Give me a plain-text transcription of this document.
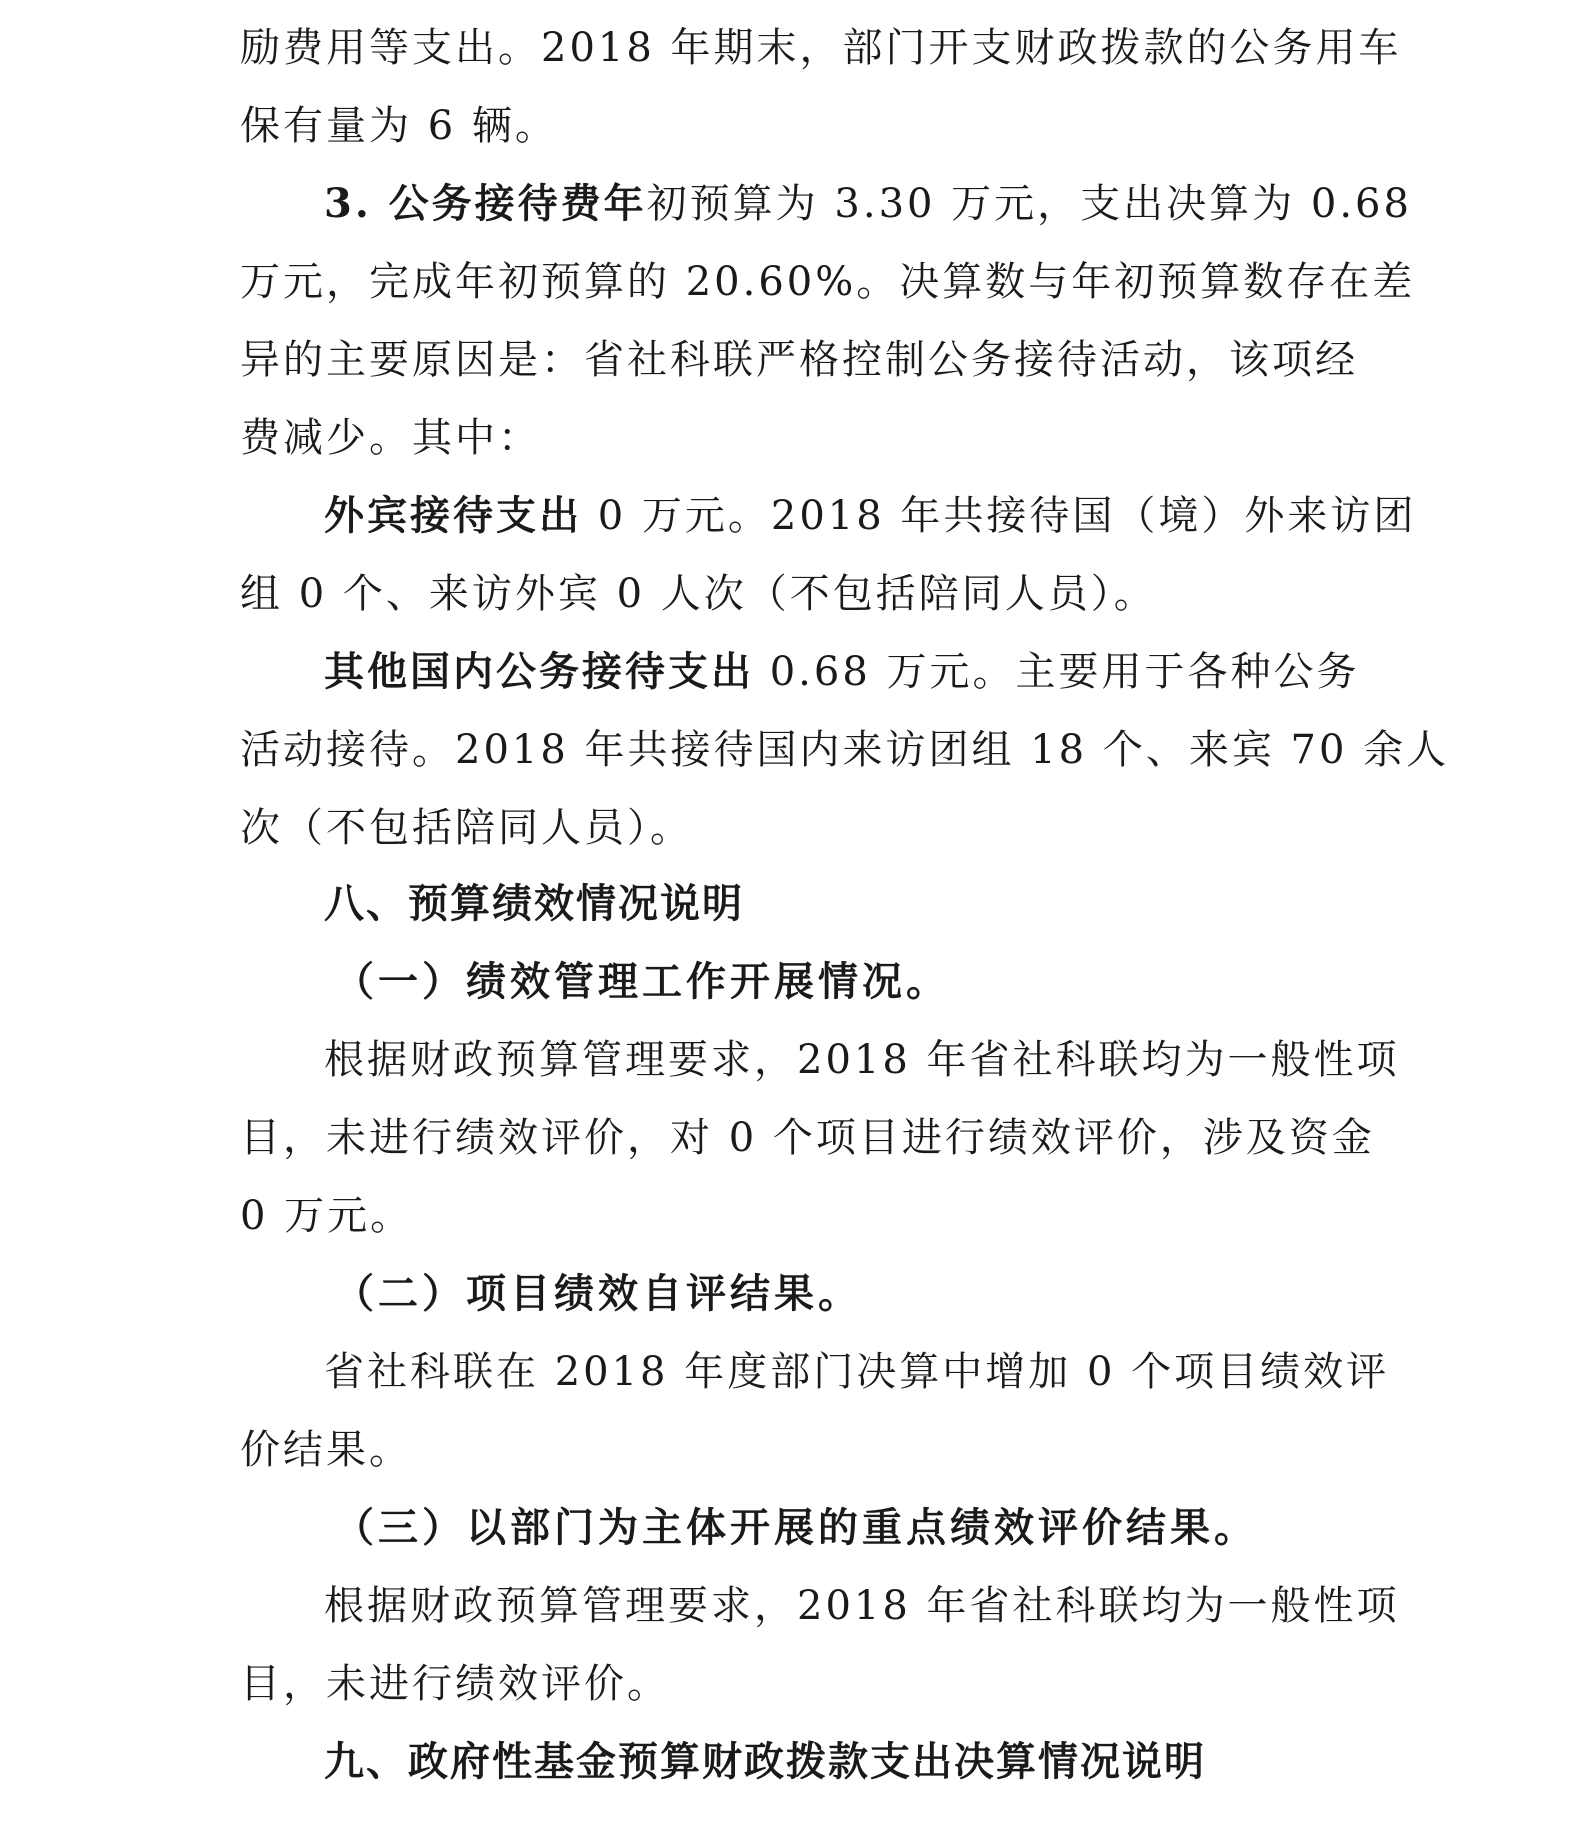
励费用等支出。2018 年期末，部门开支财政拨款的公务用车
保有量为 6 辆。
3. 公务接待费年初预算为 3.30 万元，支出决算为 0.68
万元，完成年初预算的 20.60%。决算数与年初预算数存在差
异的主要原因是：省社科联严格控制公务接待活动，该项经
费减少。其中：
外宾接待支出 0 万元。2018 年共接待国（境）外来访团
组 0 个、来访外宾 0 人次（不包括陪同人员）。
其他国内公务接待支出 0.68 万元。主要用于各种公务
活动接待。2018 年共接待国内来访团组 18 个、来宾 70 余人
次（不包括陪同人员）。
八、预算绩效情况说明
（一）绩效管理工作开展情况。
根据财政预算管理要求，2018 年省社科联均为一般性项
目，未进行绩效评价，对 0 个项目进行绩效评价，涉及资金
0 万元。
（二）项目绩效自评结果。
省社科联在 2018 年度部门决算中增加 0 个项目绩效评
价结果。
（三）以部门为主体开展的重点绩效评价结果。
根据财政预算管理要求，2018 年省社科联均为一般性项
目，未进行绩效评价。
九、政府性基金预算财政拨款支出决算情况说明
